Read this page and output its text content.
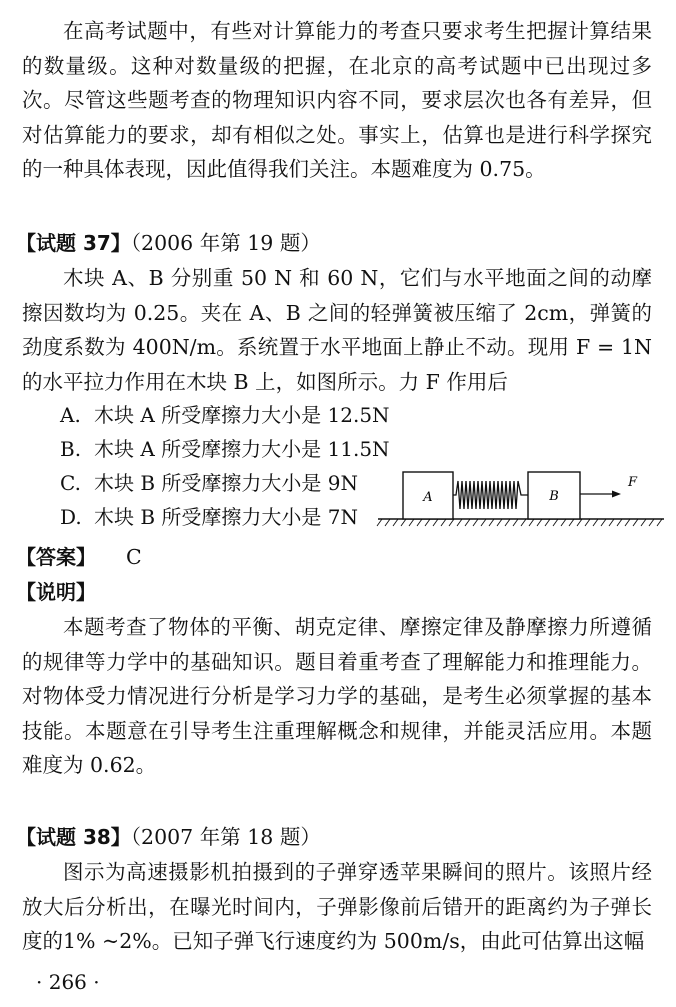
在高考试题中，有些对计算能力的考查只要求考生把握计算结果的数量级。这种对数量级的把握，在北京的高考试题中已出现过多次。尽管这些题考查的物理知识内容不同，要求层次也各有差异，但对估算能力的要求，却有相似之处。事实上，估算也是进行科学探究的一种具体表现，因此值得我们关注。本题难度为 0.75。

【试题 37】（2006 年第 19 题）

木块 A、B 分别重 50 N 和 60 N，它们与水平地面之间的动摩擦因数均为 0.25。夹在 A、B 之间的轻弹簧被压缩了 2cm，弹簧的劲度系数为 400N/m。系统置于水平地面上静止不动。现用 F = 1N 的水平拉力作用在木块 B 上，如图所示。力 F 作用后

A. 木块 A 所受摩擦力大小是 12.5N
B. 木块 A 所受摩擦力大小是 11.5N
C. 木块 B 所受摩擦力大小是 9N
D. 木块 B 所受摩擦力大小是 7N
A	B
F
【答案】 C
【说明】

本题考查了物体的平衡、胡克定律、摩擦定律及静摩擦力所遵循的规律等力学中的基础知识。题目着重考查了理解能力和推理能力。对物体受力情况进行分析是学习力学的基础，是考生必须掌握的基本技能。本题意在引导考生注重理解概念和规律，并能灵活应用。本题难度为 0.62。

【试题 38】（2007 年第 18 题）

图示为高速摄影机拍摄到的子弹穿透苹果瞬间的照片。该照片经放大后分析出，在曝光时间内，子弹影像前后错开的距离约为子弹长度的1% ~2%。已知子弹飞行速度约为 500m/s，由此可估算出这幅

· 266 ·
